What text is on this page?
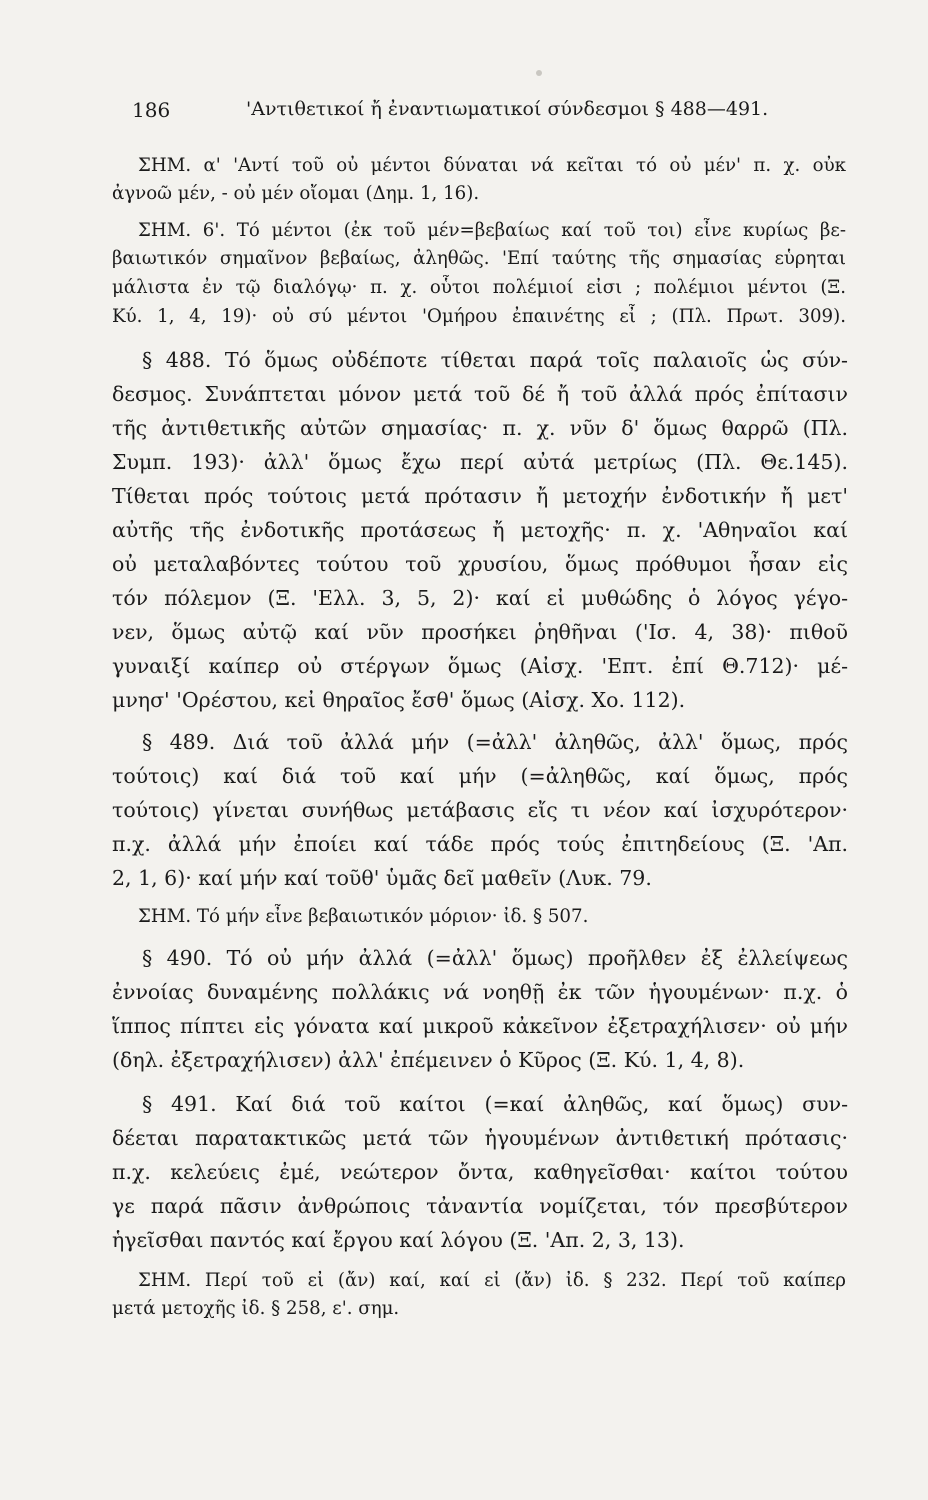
186	'Αντιθετικοί ἤ ἐναντιωματικοί σύνδεσμοι § 488—491.
ΣΗΜ. α' 'Αντί τοῦ οὐ μέντοι δύναται νά κεῖται τό οὐ μέν' π. χ. οὐκ
ἀγνοῶ μέν, - οὐ μέν οἴομαι (Δημ. 1, 16).
ΣΗΜ. 6'. Τό μέντοι (ἐκ τοῦ μέν=βεβαίως καί τοῦ τοι) εἶνε κυρίως βε-
βαιωτικόν σημαῖνον βεβαίως, ἀληθῶς. 'Επί ταύτης τῆς σημασίας εὑρηται
μάλιστα ἐν τῷ διαλόγῳ· π. χ. οὗτοι πολέμιοί εἰσι ; πολέμιοι μέντοι (Ξ.
Κύ. 1, 4, 19)· οὐ σύ μέντοι 'Ομήρου ἐπαινέτης εἶ ; (Πλ. Πρωτ. 309).
§ 488. Τό ὅμως οὐδέποτε τίθεται παρά τοῖς παλαιοῖς ὡς σύν-
δεσμος. Συνάπτεται μόνον μετά τοῦ δέ ἤ τοῦ ἀλλά πρός ἐπίτασιν
τῆς ἀντιθετικῆς αὐτῶν σημασίας· π. χ. νῦν δ' ὅμως θαρρῶ (Πλ.
Συμπ. 193)· ἀλλ' ὅμως ἔχω περί αὐτά μετρίως (Πλ. Θε.145).
Τίθεται πρός τούτοις μετά πρότασιν ἤ μετοχήν ἐνδοτικήν ἤ μετ'
αὐτῆς τῆς ἐνδοτικῆς προτάσεως ἤ μετοχῆς· π. χ. 'Αθηναῖοι καί
οὐ μεταλαβόντες τούτου τοῦ χρυσίου, ὅμως πρόθυμοι ἦσαν εἰς
τόν πόλεμον (Ξ. 'Ελλ. 3, 5, 2)· καί εἰ μυθώδης ὁ λόγος γέγο-
νεν, ὅμως αὐτῷ καί νῦν προσήκει ῥηθῆναι ('Ισ. 4, 38)· πιθοῦ
γυναιξί καίπερ οὐ στέργων ὅμως (Αἰσχ. 'Επτ. ἐπί Θ.712)· μέ-
μνησ' 'Ορέστου, κεἰ θηραῖος ἔσθ' ὅμως (Αἰσχ. Χο. 112).
§ 489. Διά τοῦ ἀλλά μήν (=ἀλλ' ἀληθῶς, ἀλλ' ὅμως, πρός
τούτοις) καί διά τοῦ καί μήν (=ἀληθῶς, καί ὅμως, πρός
τούτοις) γίνεται συνήθως μετάβασις εἴς τι νέον καί ἰσχυρότερον·
π.χ. ἀλλά μήν ἐποίει καί τάδε πρός τούς ἐπιτηδείους (Ξ. 'Απ.
2, 1, 6)· καί μήν καί τοῦθ' ὑμᾶς δεῖ μαθεῖν (Λυκ. 79.
ΣΗΜ. Τό μήν εἶνε βεβαιωτικόν μόριον· ἰδ. § 507.
§ 490. Τό οὐ μήν ἀλλά (=ἀλλ' ὅμως) προῆλθεν ἐξ ἐλλείψεως
ἐννοίας δυναμένης πολλάκις νά νοηθῇ ἐκ τῶν ἡγουμένων· π.χ. ὁ
ἵππος πίπτει εἰς γόνατα καί μικροῦ κἀκεῖνον ἐξετραχήλισεν· οὐ μήν
(δηλ. ἐξετραχήλισεν) ἀλλ' ἐπέμεινεν ὁ Κῦρος (Ξ. Κύ. 1, 4, 8).
§ 491. Καί διά τοῦ καίτοι (=καί ἀληθῶς, καί ὅμως) συν-
δέεται παρατακτικῶς μετά τῶν ἡγουμένων ἀντιθετική πρότασις·
π.χ. κελεύεις ἐμέ, νεώτερον ὄντα, καθηγεῖσθαι· καίτοι τούτου
γε παρά πᾶσιν ἀνθρώποις τἀναντία νομίζεται, τόν πρεσβύτερον
ἡγεῖσθαι παντός καί ἔργου καί λόγου (Ξ. 'Απ. 2, 3, 13).
ΣΗΜ. Περί τοῦ εἰ (ἄν) καί, καί εἰ (ἄν) ἰδ. § 232. Περί τοῦ καίπερ
μετά μετοχῆς ἰδ. § 258, ε'. σημ.
